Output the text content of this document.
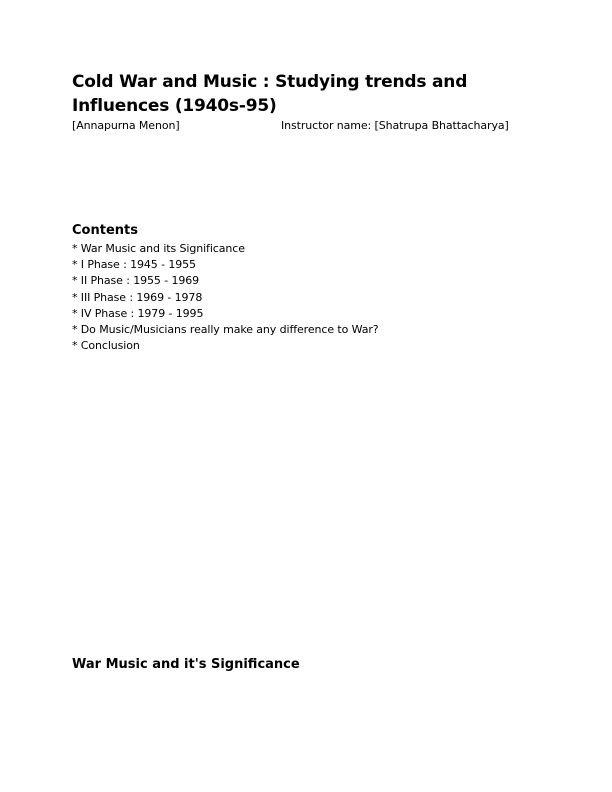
Cold War and Music : Studying trends and Influences (1940s-95)
[Annapurna Menon]	Instructor name: [Shatrupa Bhattacharya]
Contents
* War Music and its Significance
* I Phase : 1945 - 1955
* II Phase : 1955 - 1969
* III Phase : 1969 - 1978
* IV Phase : 1979 - 1995
* Do Music/Musicians really make any difference to War?
* Conclusion
War Music and it's Significance
